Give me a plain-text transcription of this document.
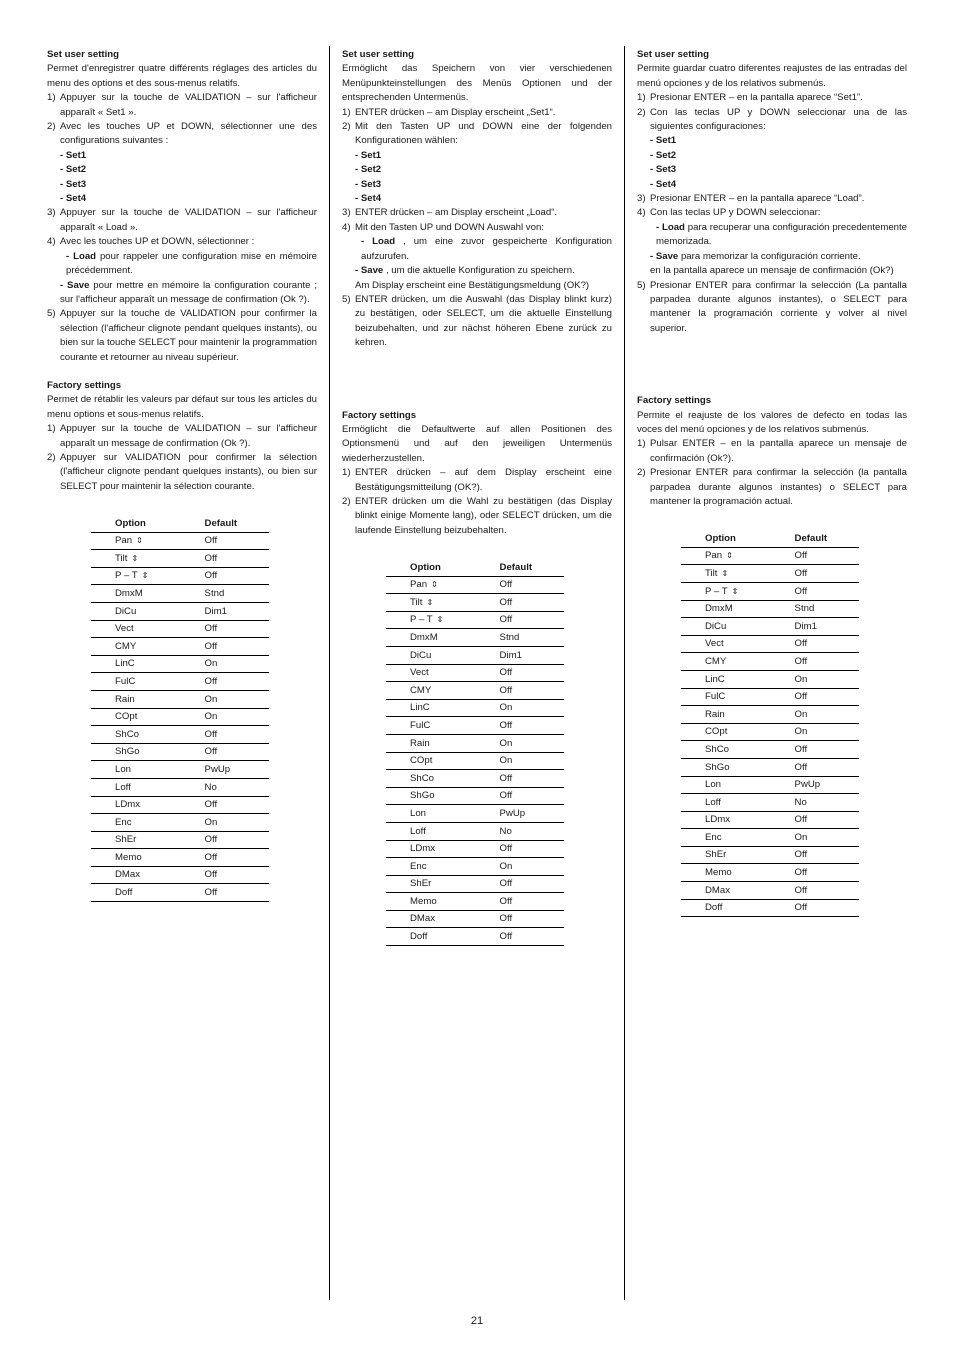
Set user setting

Permet d'enregistrer quatre différents réglages des articles du menu des options et des sous-menus relatifs.

1) Appuyer sur la touche de VALIDATION – sur l'afficheur apparaît « Set1 ».
2) Avec les touches UP et DOWN, sélectionner une des configurations suivantes :
- Set1
- Set2
- Set3
- Set4
3) Appuyer sur la touche de VALIDATION – sur l'afficheur apparaît « Load ».
4) Avec les touches UP et DOWN, sélectionner :
- Load pour rappeler une configuration mise en mémoire précédemment.
- Save pour mettre en mémoire la configuration courante ; sur l'afficheur apparaît un message de confirmation (Ok ?).
5) Appuyer sur la touche de VALIDATION pour confirmer la sélection (l'afficheur clignote pendant quelques instants), ou bien sur la touche SELECT pour maintenir la programmation courante et retourner au niveau supérieur.
Factory settings

Permet de rétablir les valeurs par défaut sur tous les articles du menu options et sous-menus relatifs.

1) Appuyer sur la touche de VALIDATION – sur l'afficheur apparaît un message de confirmation (Ok ?).
2) Appuyer sur VALIDATION pour confirmer la sélection (l'afficheur clignote pendant quelques instants), ou bien sur SELECT pour maintenir la sélection courante.
Option	Default
Pan ⇕	Off
Tilt ⇕	Off
P – T ⇕	Off
DmxM	Stnd
DiCu	Dim1
Vect	Off
CMY	Off
LinC	On
FulC	Off
Rain	On
COpt	On
ShCo	Off
ShGo	Off
Lon	PwUp
Loff	No
LDmx	Off
Enc	On
ShEr	Off
Memo	Off
DMax	Off
Doff	Off
Set user setting

Ermöglicht das Speichern von vier verschiedenen Menüpunkteinstellungen des Menüs Optionen und der entsprechenden Untermenüs.

1) ENTER drücken – am Display erscheint „Set1“.
2) Mit den Tasten UP und DOWN eine der folgenden Konfigurationen wählen:
- Set1
- Set2
- Set3
- Set4
3) ENTER drücken – am Display erscheint „Load“.
4) Mit den Tasten UP und DOWN Auswahl von:
- Load , um eine zuvor gespeicherte Konfiguration aufzurufen.
- Save , um die aktuelle Konfiguration zu speichern.
Am Display erscheint eine Bestätigungsmeldung (OK?)
5) ENTER drücken, um die Auswahl (das Display blinkt kurz) zu bestätigen, oder SELECT, um die aktuelle Einstellung beizubehalten, und zur nächst höheren Ebene zurück zu kehren.
Factory settings

Ermöglicht die Defaultwerte auf allen Positionen des Optionsmenü und auf den jeweiligen Untermenüs wiederherzustellen.

1) ENTER drücken – auf dem Display erscheint eine Bestätigungsmitteilung (OK?).
2) ENTER drücken um die Wahl zu bestätigen (das Display blinkt einige Momente lang), oder SELECT drücken, um die laufende Einstellung beizubehalten.
Option	Default
Pan ⇕	Off
Tilt ⇕	Off
P – T ⇕	Off
DmxM	Stnd
DiCu	Dim1
Vect	Off
CMY	Off
LinC	On
FulC	Off
Rain	On
COpt	On
ShCo	Off
ShGo	Off
Lon	PwUp
Loff	No
LDmx	Off
Enc	On
ShEr	Off
Memo	Off
DMax	Off
Doff	Off
Set user setting

Permite guardar cuatro diferentes reajustes de las entradas del menú opciones y de los relativos submenús.

1) Presionar ENTER – en la pantalla aparece “Set1”.
2) Con las teclas UP y DOWN seleccionar una de las siguientes configuraciones:
- Set1
- Set2
- Set3
- Set4
3) Presionar ENTER – en la pantalla aparece “Load”.
4) Con las teclas UP y DOWN seleccionar:
- Load para recuperar una configuración precedentemente memorizada.
- Save para memorizar la configuración corriente.
en la pantalla aparece un mensaje de confirmación (Ok?)
5) Presionar ENTER para confirmar la selección (La pantalla parpadea durante algunos instantes), o SELECT para mantener la programación corriente y volver al nivel superior.
Factory settings

Permite el reajuste de los valores de defecto en todas las voces del menú opciones y de los relativos submenús.

1) Pulsar ENTER – en la pantalla aparece un mensaje de confirmación (Ok?).
2) Presionar ENTER para confirmar la selección (la pantalla parpadea durante algunos instantes) o SELECT para mantener la programación actual.
Option	Default
Pan ⇕	Off
Tilt ⇕	Off
P – T ⇕	Off
DmxM	Stnd
DiCu	Dim1
Vect	Off
CMY	Off
LinC	On
FulC	Off
Rain	On
COpt	On
ShCo	Off
ShGo	Off
Lon	PwUp
Loff	No
LDmx	Off
Enc	On
ShEr	Off
Memo	Off
DMax	Off
Doff	Off
21
